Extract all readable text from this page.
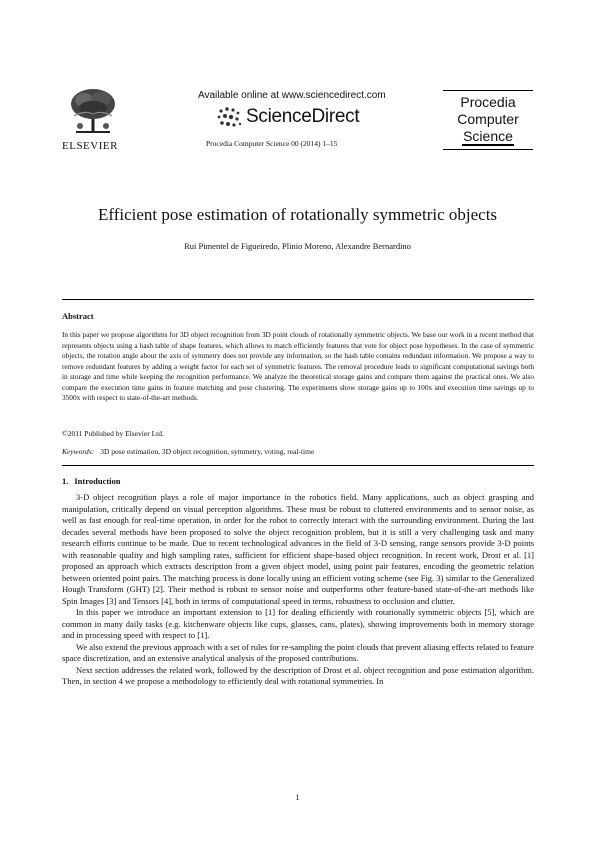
ELSEVIER
Available online at www.sciencedirect.com
ScienceDirect
Procedia Computer Science 00 (2014) 1–15
Procedia
Computer
Science
Efficient pose estimation of rotationally symmetric objects
Rui Pimentel de Figueiredo, Plinio Moreno, Alexandre Bernardino
Abstract
In this paper we propose algorithms for 3D object recognition from 3D point clouds of rotationally symmetric objects. We base our work in a recent method that represents objects using a hash table of shape features, which allows to match efficiently features that vote for object pose hypotheses. In the case of symmetric objects, the rotation angle about the axis of symmetry does not provide any information, so the hash table contains redundant information. We propose a way to remove redundant features by adding a weight factor for each set of symmetric features. The removal procedure leads to significant computational savings both in storage and time while keeping the recognition performance. We analyze the theoretical storage gains and compare them against the practical ones. We also compare the execution time gains in feature matching and pose clustering. The experiments show storage gains up to 100x and execution time savings up to 3500x with respect to state-of-the-art methods.
©2011 Published by Elsevier Ltd.
Keywords: 3D pose estimation, 3D object recognition, symmetry, voting, real-time
1. Introduction

3-D object recognition plays a role of major importance in the robotics field. Many applications, such as object grasping and manipulation, critically depend on visual perception algorithms. These must be robust to cluttered environments and to sensor noise, as well as fast enough for real-time operation, in order for the robot to correctly interact with the surrounding environment. During the last decades several methods have been proposed to solve the object recognition problem, but it is still a very challenging task and many research efforts continue to be made. Due to recent technological advances in the field of 3-D sensing, range sensors provide 3-D points with reasonable quality and high sampling rates, sufficient for efficient shape-based object recognition. In recent work, Drost et al. [1] proposed an approach which extracts description from a given object model, using point pair features, encoding the geometric relation between oriented point pairs. The matching process is done locally using an efficient voting scheme (see Fig. 3) similar to the Generalized Hough Transform (GHT) [2]. Their method is robust to sensor noise and outperforms other feature-based state-of-the-art methods like Spin Images [3] and Tensors [4], both in terms of computational speed in terms, robustness to occlusion and clutter.

In this paper we introduce an important extension to [1] for dealing efficiently with rotationally symmetric objects [5], which are common in many daily tasks (e.g. kitchenware objects like cups, glasses, cans, plates), showing improvements both in memory storage and in processing speed with respect to [1].

We also extend the previous approach with a set of rules for re-sampling the point clouds that prevent aliasing effects related to feature space discretization, and an extensive analytical analysis of the proposed contributions.

Next section addresses the related work, followed by the description of Drost et al. object recognition and pose estimation algorithm. Then, in section 4 we propose a methodology to efficiently deal with rotational symmetries. In

1
